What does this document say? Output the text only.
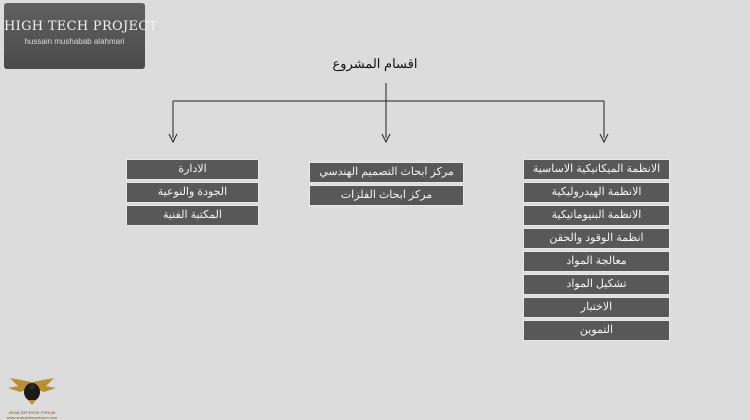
HIGH TECH PROJECT
hussain mushabab alahmari
اقسام المشروع
الادارة
الجودة والنوعية
المكتبة الفنية
مركز ابحاث التصميم الهندسي
مركز ابحاث الفلزات
الانظمة الميكانيكية الاساسية
الانظمة الهيدروليكية
الانظمة البنيوماتيكية
انظمة الوقود والحقن
معالجة المواد
تشكيل المواد
الاختبار
التموين
ARAB DEFENSE FORUM
www.arabdefenseforum.com
